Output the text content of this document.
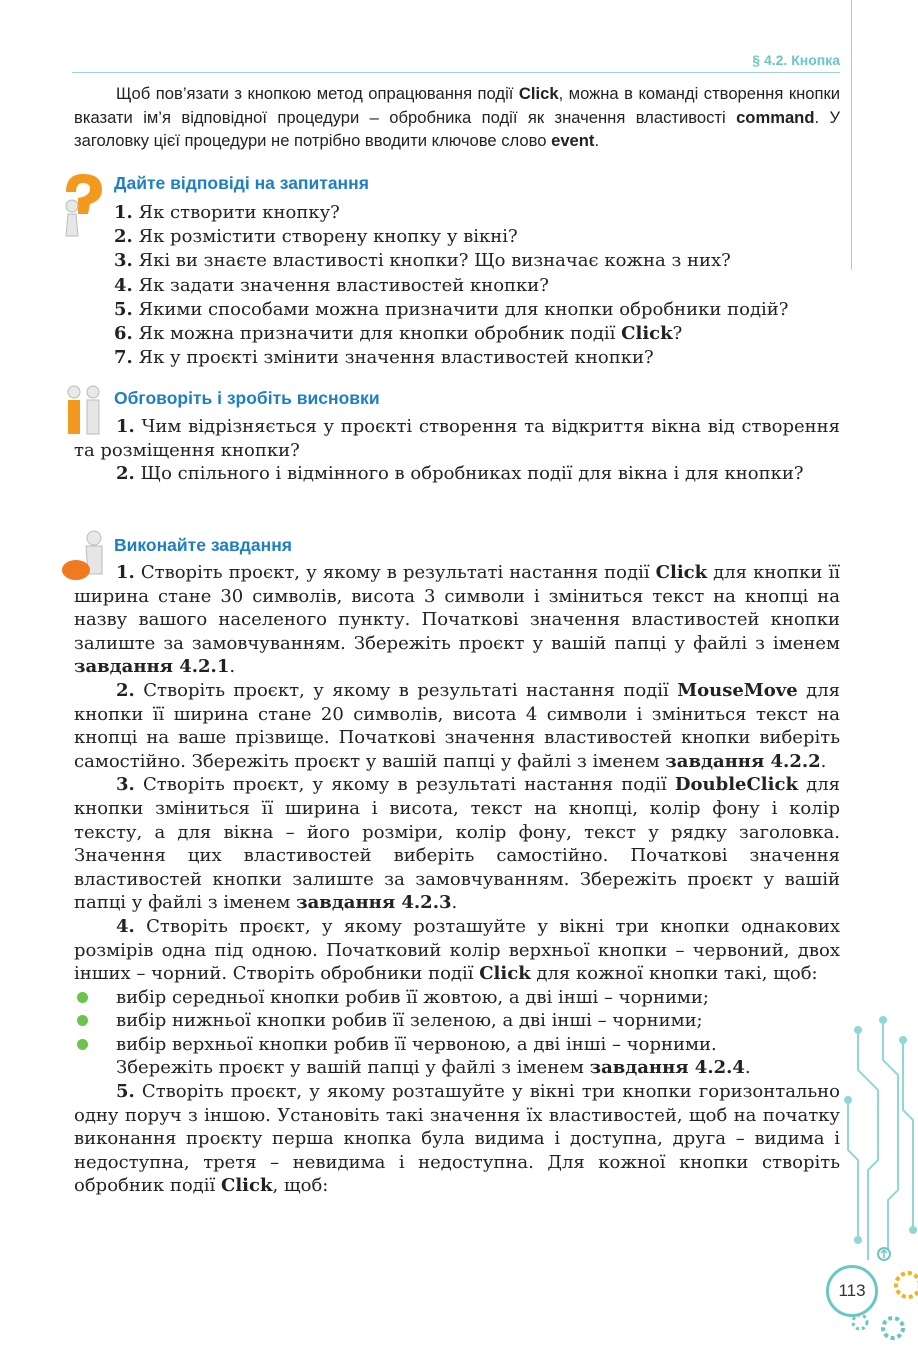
§ 4.2. Кнопка

Щоб пов’язати з кнопкою метод опрацювання події Click, можна в команді створення кнопки вказати ім’я відповідної процедури – обробника події як значення властивості command. У заголовку цієї процедури не потрібно вводити ключове слово event.

Дайте відповіді на запитання
1. Як створити кнопку?
2. Як розмістити створену кнопку у вікні?
3. Які ви знаєте властивості кнопки? Що визначає кожна з них?
4. Як задати значення властивостей кнопки?
5. Якими способами можна призначити для кнопки обробники подій?
6. Як можна призначити для кнопки обробник події Click?
7. Як у проєкті змінити значення властивостей кнопки?
Обговоріть і зробіть висновки

1. Чим відрізняється у проєкті створення та відкриття вікна від створення та розміщення кнопки?

2. Що спільного і відмінного в обробниках події для вікна і для кнопки?

Виконайте завдання

1. Створіть проєкт, у якому в результаті настання події Click для кнопки її ширина стане 30 символів, висота 3 символи і зміниться текст на кнопці на назву вашого населеного пункту. Початкові значення властивостей кнопки залиште за замовчуванням. Збережіть проєкт у вашій папці у файлі з іменем завдання 4.2.1.

2. Створіть проєкт, у якому в результаті настання події MouseMove для кнопки її ширина стане 20 символів, висота 4 символи і зміниться текст на кнопці на ваше прізвище. Початкові значення властивостей кнопки виберіть самостійно. Збережіть проєкт у вашій папці у файлі з іменем завдання 4.2.2.

3. Створіть проєкт, у якому в результаті настання події DoubleClick для кнопки зміниться її ширина і висота, текст на кнопці, колір фону і колір тексту, а для вікна – його розміри, колір фону, текст у рядку заголовка. Значення цих властивостей виберіть самостійно. Початкові значення властивостей кнопки залиште за замовчуванням. Збережіть проєкт у вашій папці у файлі з іменем завдання 4.2.3.

4. Створіть проєкт, у якому розташуйте у вікні три кнопки однакових розмірів одна під одною. Початковий колір верхньої кнопки – червоний, двох інших – чорний. Створіть обробники події Click для кожної кнопки такі, щоб:

вибір середньої кнопки робив її жовтою, а дві інші – чорними;
вибір нижньої кнопки робив її зеленою, а дві інші – чорними;
вибір верхньої кнопки робив її червоною, а дві інші – чорними.

Збережіть проєкт у вашій папці у файлі з іменем завдання 4.2.4.

5. Створіть проєкт, у якому розташуйте у вікні три кнопки горизонтально одну поруч з іншою. Установіть такі значення їх властивостей, щоб на початку виконання проєкту перша кнопка була видима і доступна, друга – видима і недоступна, третя – невидима і недоступна. Для кожної кнопки створіть обробник події Click, щоб:

113
